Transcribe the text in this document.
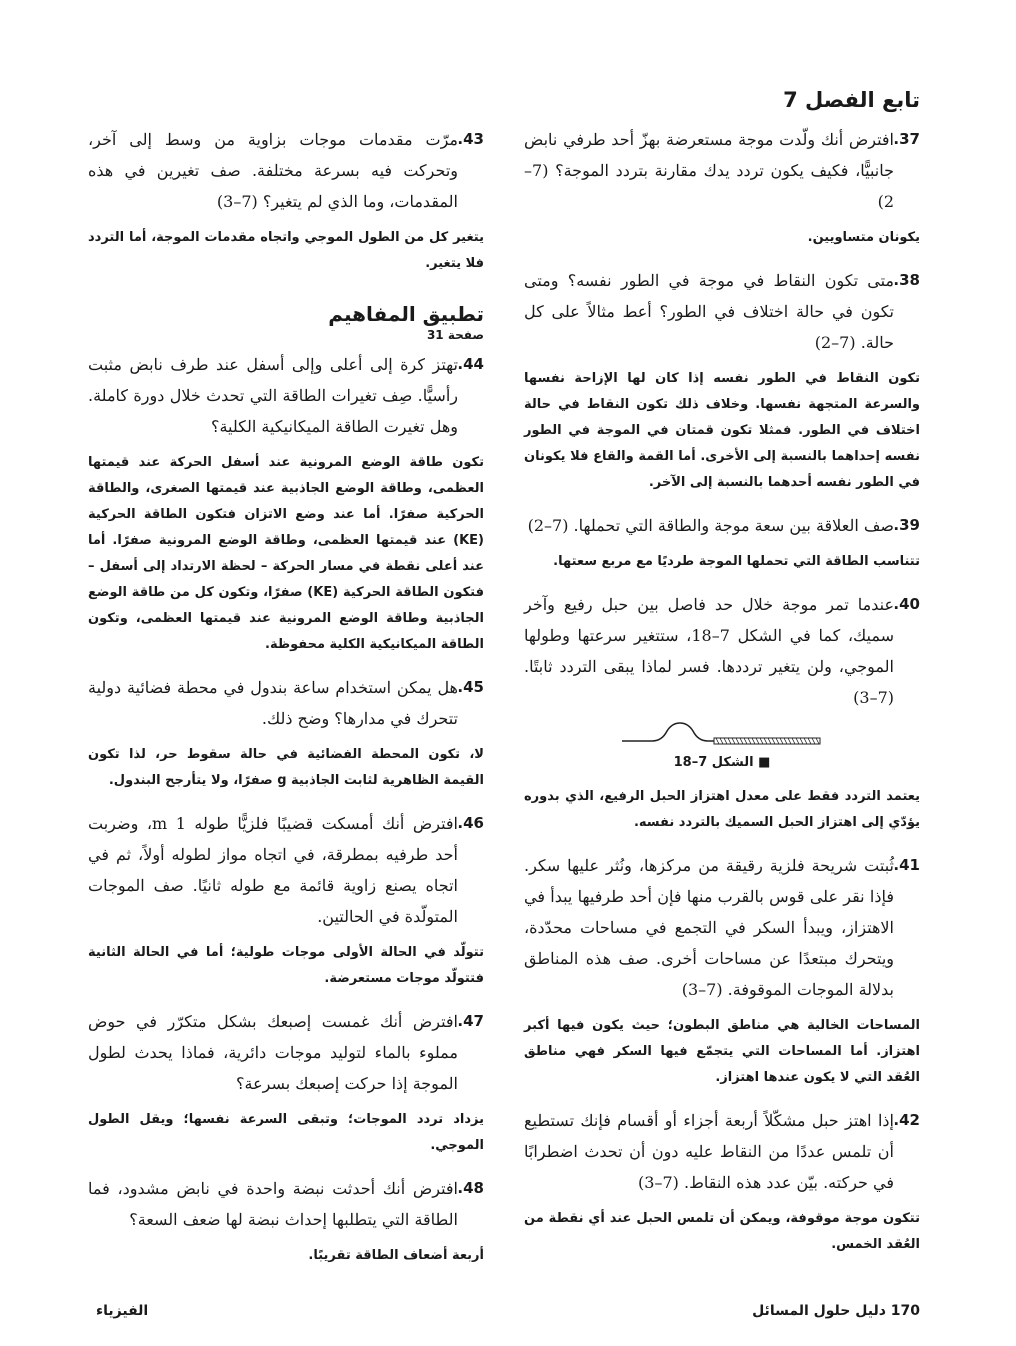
تابع الفصل 7
37.
افترض أنك ولّدت موجة مستعرضة بهزّ أحد طرفي نابض جانبيًّا، فكيف يكون تردد يدك مقارنة بتردد الموجة؟ (7–2)
يكونان متساويين.
38.
متى تكون النقاط في موجة في الطور نفسه؟ ومتى تكون في حالة اختلاف في الطور؟ أعط مثالاً على كل حالة. (7–2)
تكون النقاط في الطور نفسه إذا كان لها الإزاحة نفسها والسرعة المتجهة نفسها. وخلاف ذلك تكون النقاط في حالة اختلاف في الطور. فمثلا تكون قمتان في الموجة في الطور نفسه إحداهما بالنسبة إلى الأخرى. أما القمة والقاع فلا يكونان في الطور نفسه أحدهما بالنسبة إلى الآخر.
39.
صف العلاقة بين سعة موجة والطاقة التي تحملها. (7–2)
تتناسب الطاقة التي تحملها الموجة طرديًا مع مربع سعتها.
40.
عندما تمر موجة خلال حد فاصل بين حبل رفيع وآخر سميك، كما في الشكل 7–18، ستتغير سرعتها وطولها الموجي، ولن يتغير ترددها. فسر لماذا يبقى التردد ثابتًا. (7–3)
■ الشكل 7–18
يعتمد التردد فقط على معدل اهتزاز الحبل الرفيع، الذي بدوره يؤدّي إلى اهتزاز الحبل السميك بالتردد نفسه.
41.
ثُبتت شريحة فلزية رقيقة من مركزها، ونُثر عليها سكر. فإذا نقر على قوس بالقرب منها فإن أحد طرفيها يبدأ في الاهتزاز، ويبدأ السكر في التجمع في مساحات محدّدة، ويتحرك مبتعدًا عن مساحات أخرى. صف هذه المناطق بدلالة الموجات الموقوفة. (7–3)
المساحات الخالية هي مناطق البطون؛ حيث يكون فيها أكبر اهتزاز. أما المساحات التي يتجمّع فيها السكر فهي مناطق العُقد التي لا يكون عندها اهتزاز.
42.
إذا اهتز حبل مشكّلاً أربعة أجزاء أو أقسام فإنك تستطيع أن تلمس عددًا من النقاط عليه دون أن تحدث اضطرابًا في حركته. بيّن عدد هذه النقاط. (7–3)
تتكون موجة موقوفة، ويمكن أن تلمس الحبل عند أي نقطة من العُقد الخمس.
43.
مرّت مقدمات موجات بزاوية من وسط إلى آخر، وتحركت فيه بسرعة مختلفة. صف تغيرين في هذه المقدمات، وما الذي لم يتغير؟ (7–3)
يتغير كل من الطول الموجي واتجاه مقدمات الموجة، أما التردد فلا يتغير.
تطبيق المفاهيم
صفحة 31
44.
تهتز كرة إلى أعلى وإلى أسفل عند طرف نابض مثبت رأسيًّا. صِف تغيرات الطاقة التي تحدث خلال دورة كاملة. وهل تغيرت الطاقة الميكانيكية الكلية؟
تكون طاقة الوضع المرونية عند أسفل الحركة عند قيمتها العظمى، وطاقة الوضع الجاذبية عند قيمتها الصغرى، والطاقة الحركية صفرًا. أما عند وضع الاتزان فتكون الطاقة الحركية (KE) عند قيمتها العظمى، وطاقة الوضع المرونية صفرًا. أما عند أعلى نقطة في مسار الحركة – لحظة الارتداد إلى أسفل –فتكون الطاقة الحركية (KE) صفرًا، وتكون كل من طاقة الوضع الجاذبية وطاقة الوضع المرونية عند قيمتها العظمى، وتكون الطاقة الميكانيكية الكلية محفوظة.
45.
هل يمكن استخدام ساعة بندول في محطة فضائية دولية تتحرك في مدارها؟ وضح ذلك.
لا، تكون المحطة الفضائية في حالة سقوط حر، لذا تكون القيمة الظاهرية لثابت الجاذبية g صفرًا، ولا يتأرجح البندول.
46.
افترض أنك أمسكت قضيبًا فلزيًّا طوله 1 m، وضربت أحد طرفيه بمطرقة، في اتجاه مواز لطوله أولاً، ثم في اتجاه يصنع زاوية قائمة مع طوله ثانيًا. صف الموجات المتولّدة في الحالتين.
تتولّد في الحالة الأولى موجات طولية؛ أما في الحالة الثانية فتتولّد موجات مستعرضة.
47.
افترض أنك غمست إصبعك بشكل متكرّر في حوض مملوء بالماء لتوليد موجات دائرية، فماذا يحدث لطول الموجة إذا حركت إصبعك بسرعة؟
يزداد تردد الموجات؛ وتبقى السرعة نفسها؛ ويقل الطول الموجي.
48.
افترض أنك أحدثت نبضة واحدة في نابض مشدود، فما الطاقة التي يتطلبها إحداث نبضة لها ضعف السعة؟
أربعة أضعاف الطاقة تقريبًا.
170 دليل حلول المسائل
الفيزياء
